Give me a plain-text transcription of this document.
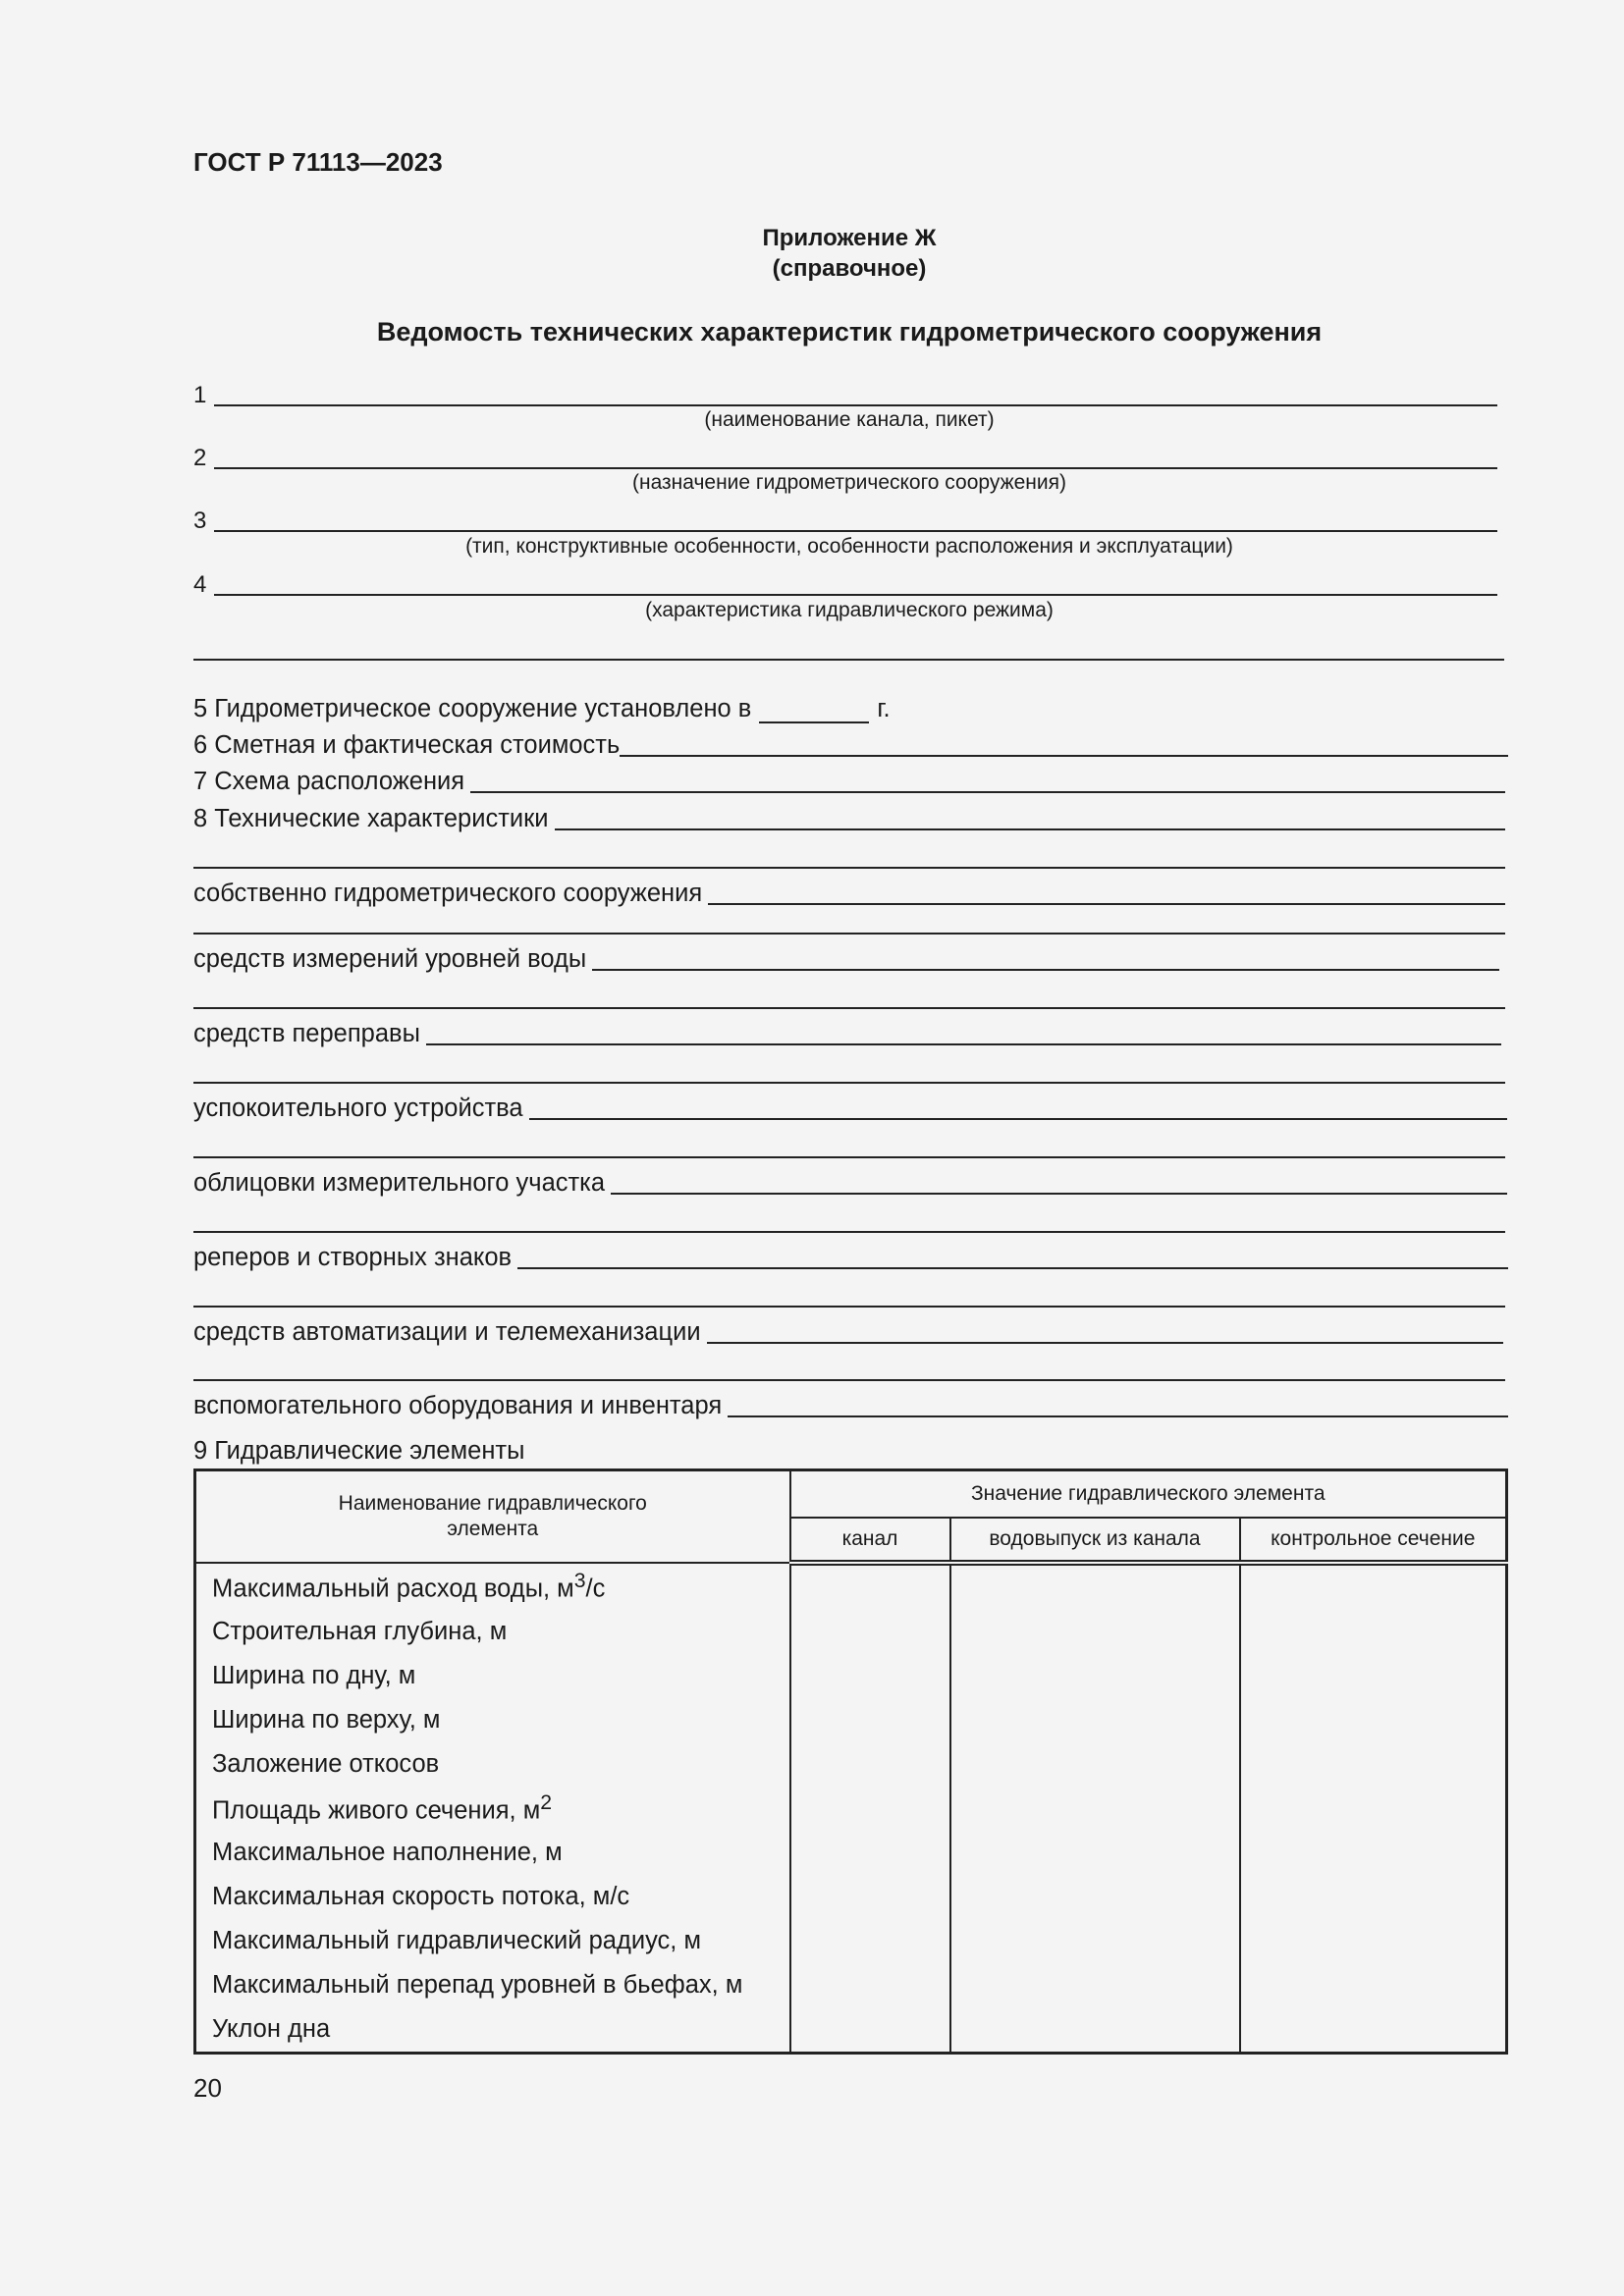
ГОСТ Р 71113—2023
Приложение Ж
(справочное)
Ведомость технических характеристик гидрометрического сооружения
1
(наименование канала, пикет)
2
(назначение гидрометрического сооружения)
3
(тип, конструктивные особенности, особенности расположения и эксплуатации)
4
(характеристика гидравлического режима)
5 Гидрометрическое сооружение установлено в	г.
6 Сметная и фактическая стоимость
7 Схема расположения
8 Технические характеристики
собственно гидрометрического сооружения
средств измерений уровней воды
средств переправы
успокоительного устройства
облицовки измерительного участка
реперов и створных знаков
средств автоматизации и телемеханизации
вспомогательного оборудования и инвентаря
9 Гидравлические элементы
Наименование гидравлического элемента	Значение гидравлического элемента		
	канал	водовыпуск из канала	контрольное сечение
Максимальный расход воды, $м^3/с$			
Строительная глубина, м			
Ширина по дну, м			
Ширина по верху, м			
Заложение откосов			
Площадь живого сечения, $м^2$			
Максимальное наполнение, м			
Максимальная скорость потока, м/с			
Максимальный гидравлический радиус, м			
Максимальный перепад уровней в бьефах, м			
Уклон дна			
20
